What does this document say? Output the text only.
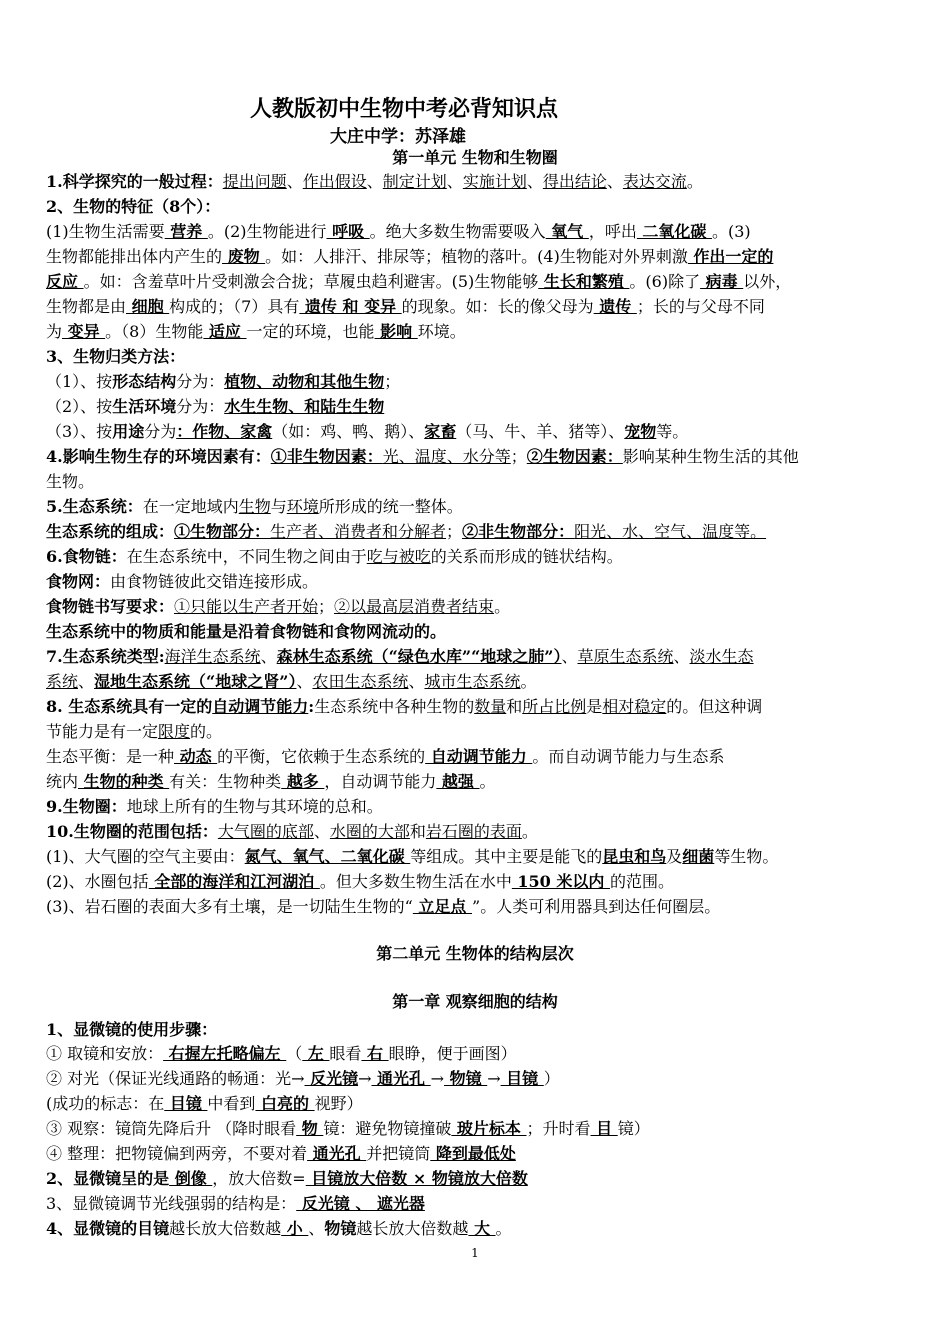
人教版初中生物中考必背知识点
大庄中学：苏泽雄
第一单元 生物和生物圈
1.科学探究的一般过程：提出问题、作出假设、制定计划、实施计划、得出结论、表达交流。
2、生物的特征（8个）：
(1)生物生活需要 营养 。(2)生物能进行 呼吸 。绝大多数生物需要吸入 氧气 ，呼出 二氧化碳 。(3)
生物都能排出体内产生的 废物 。如：人排汗、排尿等；植物的落叶。(4)生物能对外界刺激 作出一定的
反应 。如：含羞草叶片受刺激会合拢；草履虫趋利避害。(5)生物能够 生长和繁殖 。(6)除了 病毒 以外，
生物都是由 细胞 构成的；（7）具有 遗传 和 变异 的现象。如：长的像父母为 遗传 ；长的与父母不同
为 变异 。（8）生物能 适应 一定的环境，也能 影响 环境。
3、生物归类方法：
（1）、按形态结构分为：植物、动物和其他生物；
（2）、按生活环境分为：水生生物、和陆生生物
（3）、按用途分为：作物、家禽（如：鸡、鸭、鹅）、家畜（马、牛、羊、猪等）、宠物等。
4.影响生物生存的环境因素有：①非生物因素：光、温度、水分等；②生物因素：影响某种生物生活的其他
生物。
5.生态系统：在一定地域内生物与环境所形成的统一整体。
生态系统的组成：①生物部分：生产者、消费者和分解者；②非生物部分：阳光、水、空气、温度等。
6.食物链：在生态系统中，不同生物之间由于吃与被吃的关系而形成的链状结构。
食物网：由食物链彼此交错连接形成。
食物链书写要求：①只能以生产者开始；②以最高层消费者结束。
生态系统中的物质和能量是沿着食物链和食物网流动的。
7.生态系统类型:海洋生态系统、森林生态系统（“绿色水库”“地球之肺”）、草原生态系统、淡水生态
系统、湿地生态系统（“地球之肾”）、农田生态系统、城市生态系统。
8. 生态系统具有一定的自动调节能力:生态系统中各种生物的数量和所占比例是相对稳定的。但这种调
节能力是有一定限度的。
生态平衡：是一种 动态 的平衡，它依赖于生态系统的 自动调节能力 。而自动调节能力与生态系
统内 生物的种类 有关：生物种类 越多 ，自动调节能力 越强 。
9.生物圈：地球上所有的生物与其环境的总和。
10.生物圈的范围包括：大气圈的底部、水圈的大部和岩石圈的表面。
(1)、大气圈的空气主要由：氮气、氧气、二氧化碳 等组成。其中主要是能飞的昆虫和鸟及细菌等生物。
(2)、水圈包括 全部的海洋和江河湖泊 。但大多数生物生活在水中 150 米以内 的范围。
(3)、岩石圈的表面大多有土壤，是一切陆生生物的“ 立足点 ”。人类可利用器具到达任何圈层。
第二单元 生物体的结构层次
第一章 观察细胞的结构
1、显微镜的使用步骤：
① 取镜和安放： 右握左托略偏左 （ 左 眼看 右 眼睁，便于画图）
② 对光（保证光线通路的畅通：光→ 反光镜→ 通光孔 → 物镜 → 目镜 ）
(成功的标志：在 目镜 中看到 白亮的 视野）
③ 观察：镜筒先降后升 （降时眼看 物 镜：避免物镜撞破 玻片标本 ；升时看 目 镜）
④ 整理：把物镜偏到两旁，不要对着 通光孔 并把镜筒 降到最低处
2、显微镜呈的是 倒像 ，放大倍数= 目镜放大倍数 × 物镜放大倍数
3、显微镜调节光线强弱的结构是： 反光镜 、 遮光器
4、显微镜的目镜越长放大倍数越 小 、物镜越长放大倍数越 大 。
1
